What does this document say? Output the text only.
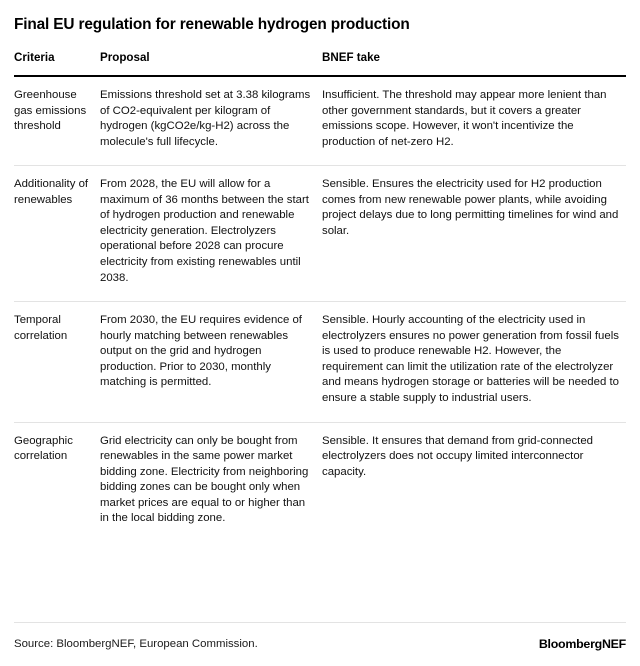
Final EU regulation for renewable hydrogen production
Criteria	Proposal	BNEF take
Greenhouse gas emissions threshold	Emissions threshold set at 3.38 kilograms of CO2-equivalent per kilogram of hydrogen (kgCO2e/kg-H2) across the molecule's full lifecycle.	Insufficient. The threshold may appear more lenient than other government standards, but it covers a greater emissions scope. However, it won't incentivize the production of net-zero H2.
Additionality of renewables	From 2028, the EU will allow for a maximum of 36 months between the start of hydrogen production and renewable electricity generation. Electrolyzers operational before 2028 can procure electricity from existing renewables until 2038.	Sensible. Ensures the electricity used for H2 production comes from new renewable power plants, while avoiding project delays due to long permitting timelines for wind and solar.
Temporal correlation	From 2030, the EU requires evidence of hourly matching between renewables output on the grid and hydrogen production. Prior to 2030, monthly matching is permitted.	Sensible. Hourly accounting of the electricity used in electrolyzers ensures no power generation from fossil fuels is used to produce renewable H2. However, the requirement can limit the utilization rate of the electrolyzer and means hydrogen storage or batteries will be needed to ensure a stable supply to industrial users.
Geographic correlation	Grid electricity can only be bought from renewables in the same power market bidding zone. Electricity from neighboring bidding zones can be bought only when market prices are equal to or higher than in the local bidding zone.	Sensible. It ensures that demand from grid-connected electrolyzers does not occupy limited interconnector capacity.
Source: BloombergNEF, European Commission.	BloombergNEF
